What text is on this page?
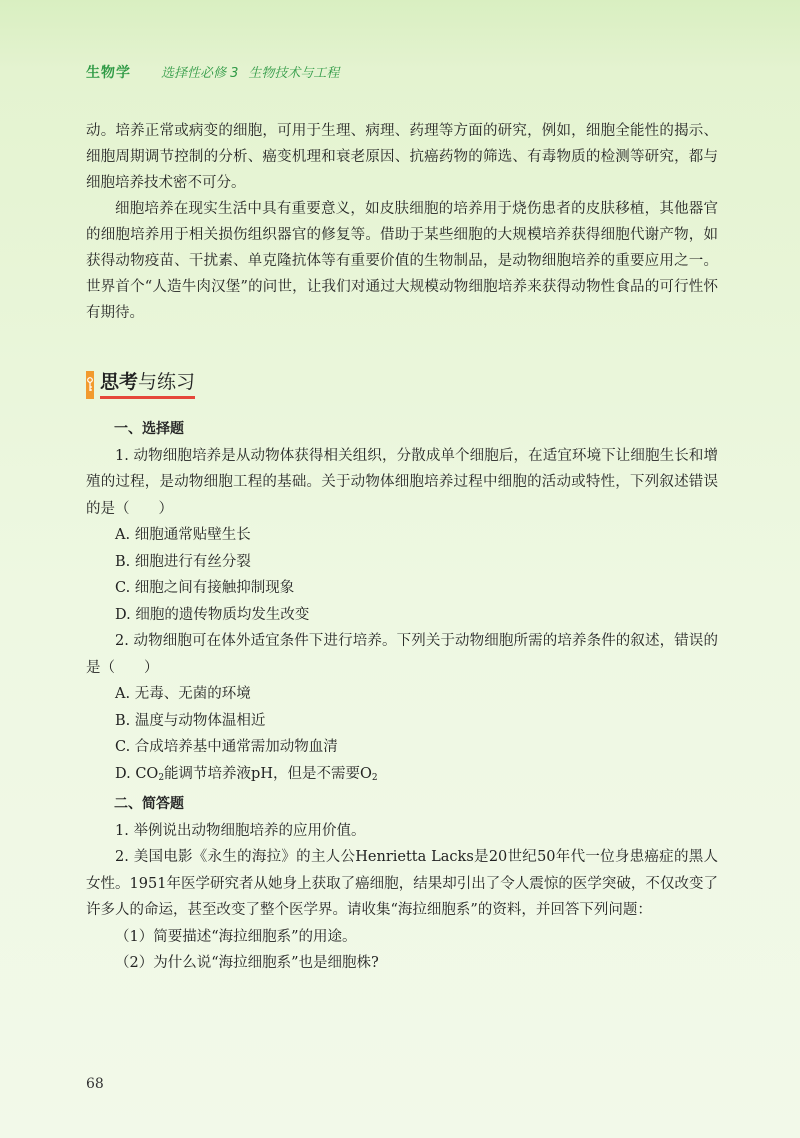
生物学 选择性必修 3 生物技术与工程

动。培养正常或病变的细胞，可用于生理、病理、药理等方面的研究，例如，细胞全能性的揭示、细胞周期调节控制的分析、癌变机理和衰老原因、抗癌药物的筛选、有毒物质的检测等研究，都与细胞培养技术密不可分。

细胞培养在现实生活中具有重要意义，如皮肤细胞的培养用于烧伤患者的皮肤移植，其他器官的细胞培养用于相关损伤组织器官的修复等。借助于某些细胞的大规模培养获得细胞代谢产物，如获得动物疫苗、干扰素、单克隆抗体等有重要价值的生物制品，是动物细胞培养的重要应用之一。世界首个“人造牛肉汉堡”的问世，让我们对通过大规模动物细胞培养来获得动物性食品的可行性怀有期待。

思考与练习

一、选择题

1. 动物细胞培养是从动物体获得相关组织，分散成单个细胞后，在适宜环境下让细胞生长和增殖的过程，是动物细胞工程的基础。关于动物体细胞培养过程中细胞的活动或特性，下列叙述错误的是（　　）

A. 细胞通常贴壁生长

B. 细胞进行有丝分裂

C. 细胞之间有接触抑制现象

D. 细胞的遗传物质均发生改变

2. 动物细胞可在体外适宜条件下进行培养。下列关于动物细胞所需的培养条件的叙述，错误的是（　　）

A. 无毒、无菌的环境

B. 温度与动物体温相近

C. 合成培养基中通常需加动物血清

D. $CO_2$能调节培养液pH，但是不需要$O_2$

二、简答题

1. 举例说出动物细胞培养的应用价值。

2. 美国电影《永生的海拉》的主人公Henrietta Lacks是20世纪50年代一位身患癌症的黑人女性。1951年医学研究者从她身上获取了癌细胞，结果却引出了令人震惊的医学突破，不仅改变了许多人的命运，甚至改变了整个医学界。请收集“海拉细胞系”的资料，并回答下列问题：

（1）简要描述“海拉细胞系”的用途。

（2）为什么说“海拉细胞系”也是细胞株?

68
